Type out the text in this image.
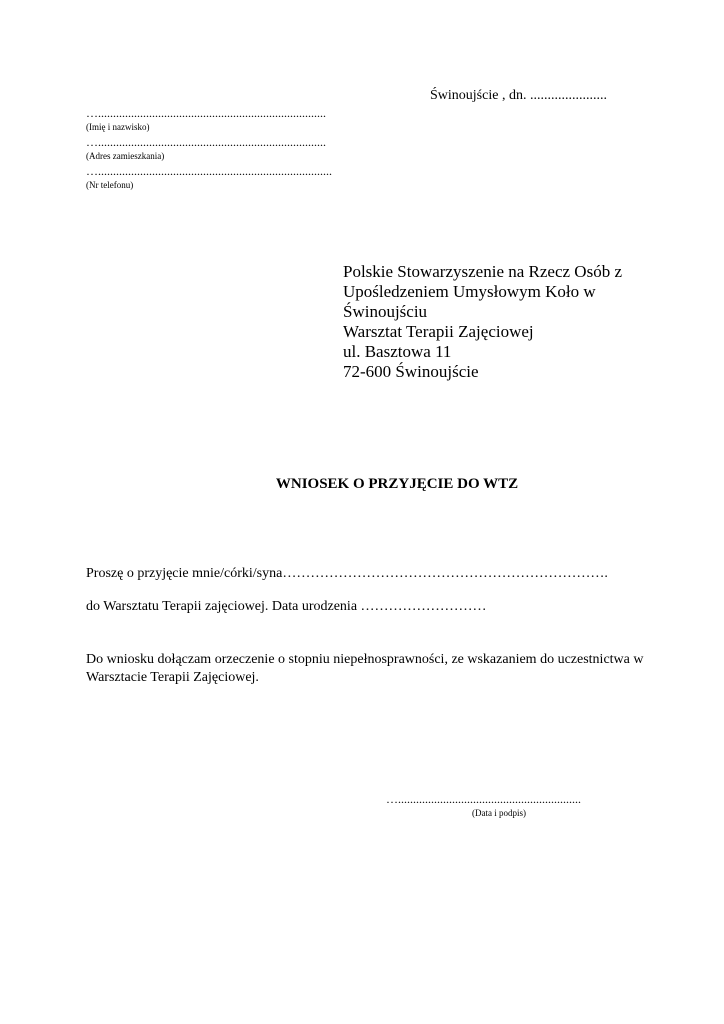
Świnoujście , dn. ......................
…............................................................................
(Imię i nazwisko)
…............................................................................
(Adres zamieszkania)
…..............................................................................
(Nr telefonu)
Polskie Stowarzyszenie na Rzecz Osób z
Upośledzeniem Umysłowym Koło w
Świnoujściu
Warsztat Terapii Zajęciowej
ul. Basztowa 11
72-600 Świnoujście
WNIOSEK O PRZYJĘCIE DO WTZ
Proszę o przyjęcie mnie/córki/syna…………………………………………………………….
do Warsztatu Terapii zajęciowej. Data urodzenia ………………………
Do wniosku dołączam orzeczenie o stopniu niepełnosprawności, ze wskazaniem do uczestnictwa w Warsztacie Terapii Zajęciowej.
….............................................................
(Data i podpis)
